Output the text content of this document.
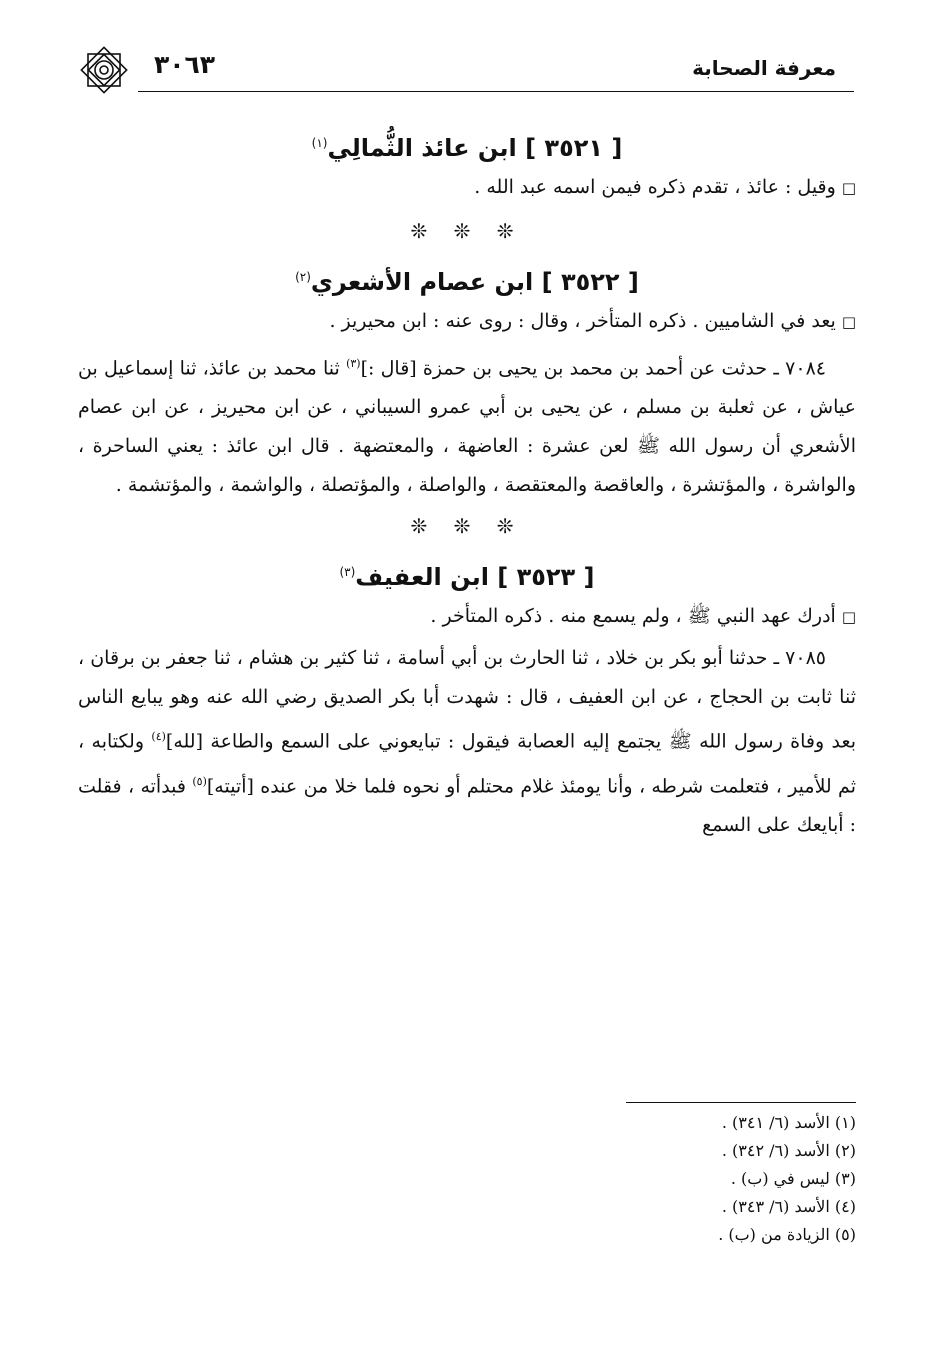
معرفة الصحابة
٣٠٦٣

[ ٣٥٢١ ] ابن عائذ الثُّمالِي$^{(١)}$

□وقيل : عائذ ، تقدم ذكره فيمن اسمه عبد الله .

❊ ❊ ❊

[ ٣٥٢٢ ] ابن عصام الأشعري$^{(٢)}$

□يعد في الشاميين . ذكره المتأخر ، وقال : روى عنه : ابن محيريز .

٧٠٨٤ ـ حدثت عن أحمد بن محمد بن يحيى بن حمزة [قال :]$^{(٣)}$ ثنا محمد بن عائذ، ثنا إسماعيل بن عياش ، عن ثعلبة بن مسلم ، عن يحيى بن أبي عمرو السيباني ، عن ابن محيريز ، عن ابن عصام الأشعري أن رسول الله ﷺ لعن عشرة : العاضهة ، والمعتضهة . قال ابن عائذ : يعني الساحرة ، والواشرة ، والمؤتشرة ، والعاقصة والمعتقصة ، والواصلة ، والمؤتصلة ، والواشمة ، والمؤتشمة .

❊ ❊ ❊

[ ٣٥٢٣ ] ابن العفيف$^{(٣)}$

□أدرك عهد النبي ﷺ ، ولم يسمع منه . ذكره المتأخر .

٧٠٨٥ ـ حدثنا أبو بكر بن خلاد ، ثنا الحارث بن أبي أسامة ، ثنا كثير بن هشام ، ثنا جعفر بن برقان ، ثنا ثابت بن الحجاج ، عن ابن العفيف ، قال : شهدت أبا بكر الصديق رضي الله عنه وهو يبايع الناس بعد وفاة رسول الله ﷺ يجتمع إليه العصابة فيقول : تبايعوني على السمع والطاعة [لله]$^{(٤)}$ ولكتابه ، ثم للأمير ، فتعلمت شرطه ، وأنا يومئذ غلام محتلم أو نحوه فلما خلا من عنده [أتيته]$^{(٥)}$ فبدأته ، فقلت : أبايعك على السمع

(١) الأسد (٦/ ٣٤١) .
(٢) الأسد (٦/ ٣٤٢) .
(٣) ليس في (ب) .
(٤) الأسد (٦/ ٣٤٣) .
(٥) الزيادة من (ب) .
